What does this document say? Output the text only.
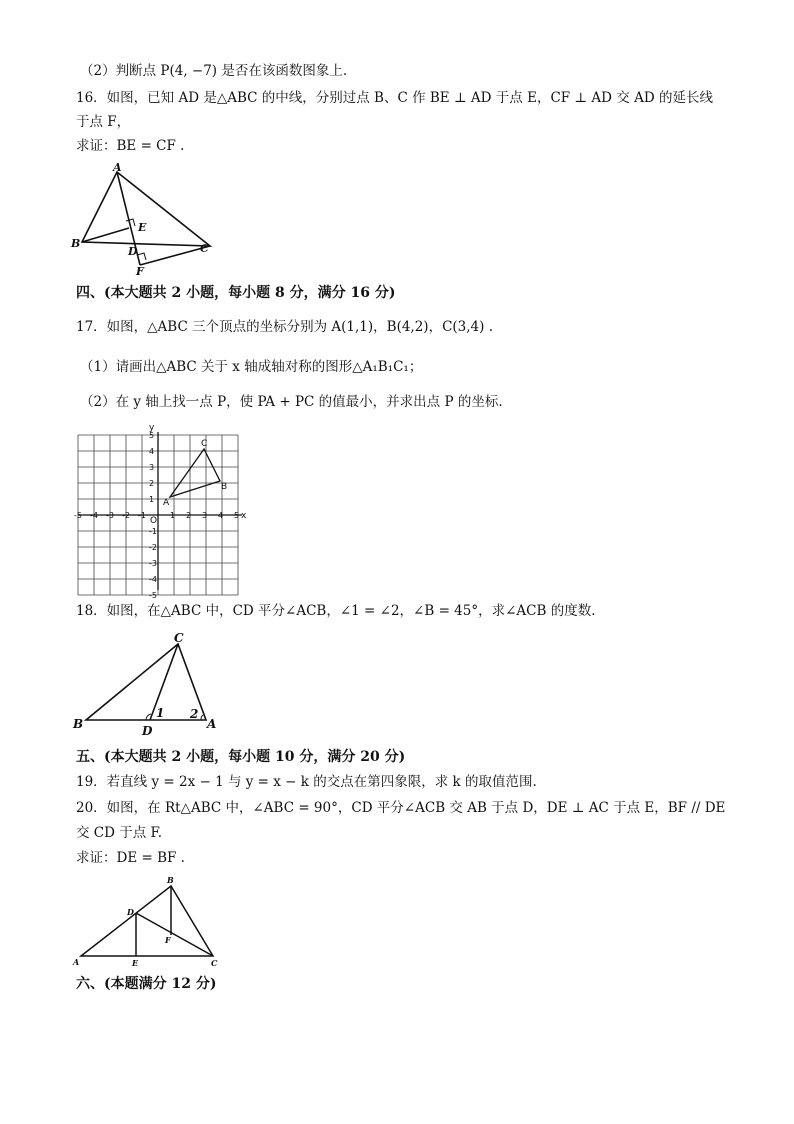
（2）判断点 P(4, −7) 是否在该函数图象上.
16．如图，已知 AD 是△ABC 的中线，分别过点 B、C 作 BE ⊥ AD 于点 E，CF ⊥ AD 交 AD 的延长线
于点 F，
求证：BE = CF .
A
B	C
D
E
F
四、(本大题共 2 小题，每小题 8 分，满分 16 分)
17．如图，△ABC 三个顶点的坐标分别为 A(1,1)，B(4,2)，C(3,4) .
（1）请画出△ABC 关于 x 轴成轴对称的图形△A₁B₁C₁；
（2）在 y 轴上找一点 P，使 PA + PC 的值最小，并求出点 P 的坐标.
-5 -4 -3 -2 -1	1 2 3 4 5
5
4
3
2
1
-1
-2
-3
-4
-5
x
y
O
A
B
C
18．如图，在△ABC 中，CD 平分∠ACB，∠1 = ∠2，∠B = 45°，求∠ACB 的度数.
C
B	A
D
1 2
五、(本大题共 2 小题，每小题 10 分，满分 20 分)
19．若直线 y = 2x − 1 与 y = x − k 的交点在第四象限，求 k 的取值范围.
20．如图，在 Rt△ABC 中，∠ABC = 90°，CD 平分∠ACB 交 AB 于点 D，DE ⊥ AC 于点 E，BF // DE
交 CD 于点 F.
求证：DE = BF .
B
D
F
A	E	C
六、(本题满分 12 分)
